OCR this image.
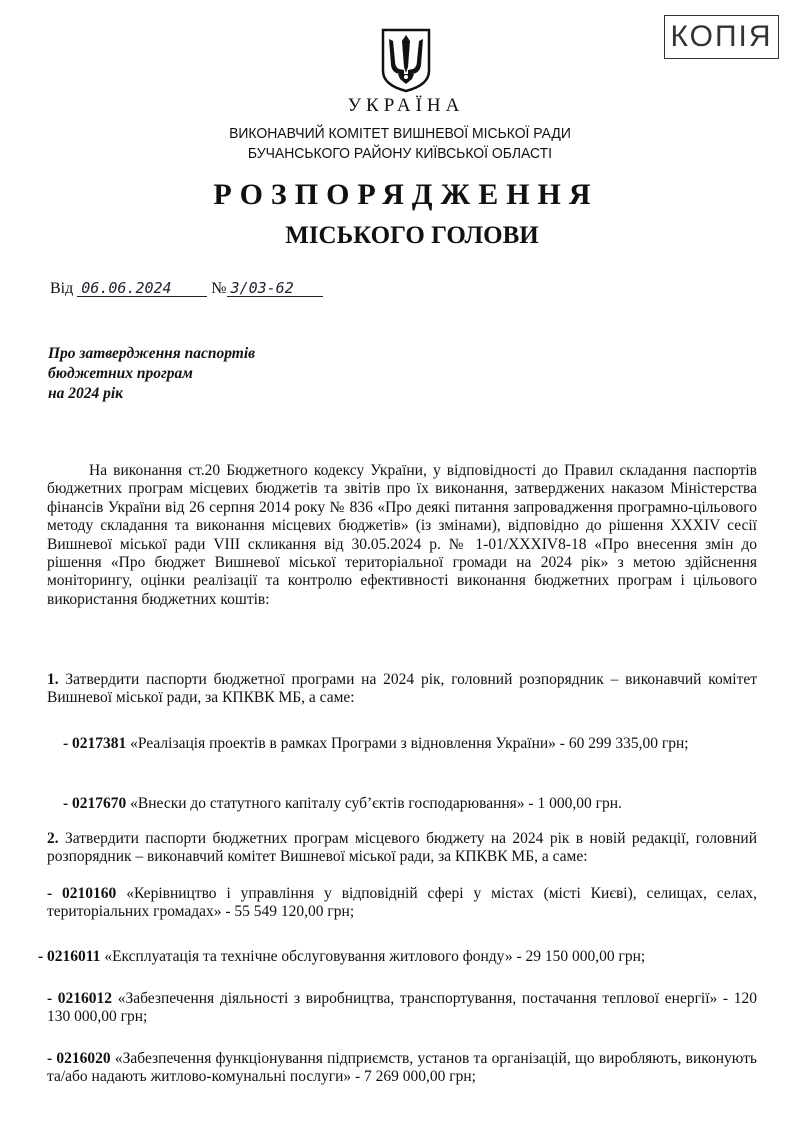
КОПІЯ
УКРАЇНА
ВИКОНАВЧИЙ КОМІТЕТ ВИШНЕВОЇ МІСЬКОЇ РАДИ
БУЧАНСЬКОГО РАЙОНУ КИЇВСЬКОЇ ОБЛАСТІ
РОЗПОРЯДЖЕННЯ
МІСЬКОГО ГОЛОВИ
Від 06.06.2024 № 3/03-62
Про затвердження паспортів
бюджетних програм
на 2024 рік
На виконання ст.20 Бюджетного кодексу України, у відповідності до Правил складання паспортів бюджетних програм місцевих бюджетів та звітів про їх виконання, затверджених наказом Міністерства фінансів України від 26 серпня 2014 року № 836 «Про деякі питання запровадження програмно-цільового методу складання та виконання місцевих бюджетів» (із змінами), відповідно до рішення XXXIV сесії Вишневої міської ради VIII скликання від 30.05.2024 р. № 1-01/XXXIV8-18 «Про внесення змін до рішення «Про бюджет Вишневої міської територіальної громади на 2024 рік» з метою здійснення моніторингу, оцінки реалізації та контролю ефективності виконання бюджетних програм і цільового використання бюджетних коштів:
1. Затвердити паспорти бюджетної програми на 2024 рік, головний розпорядник – виконавчий комітет Вишневої міської ради, за КПКВК МБ, а саме:
- 0217381 «Реалізація проектів в рамках Програми з відновлення України» - 60 299 335,00 грн;
- 0217670 «Внески до статутного капіталу суб’єктів господарювання» - 1 000,00 грн.
2. Затвердити паспорти бюджетних програм місцевого бюджету на 2024 рік в новій редакції, головний розпорядник – виконавчий комітет Вишневої міської ради, за КПКВК МБ, а саме:
- 0210160 «Керівництво і управління у відповідній сфері у містах (місті Києві), селищах, селах, територіальних громадах» - 55 549 120,00 грн;
- 0216011 «Експлуатація та технічне обслуговування житлового фонду» - 29 150 000,00 грн;
- 0216012 «Забезпечення діяльності з виробництва, транспортування, постачання теплової енергії» - 120 130 000,00 грн;
- 0216020 «Забезпечення функціонування підприємств, установ та організацій, що виробляють, виконують та/або надають житлово-комунальні послуги» - 7 269 000,00 грн;
